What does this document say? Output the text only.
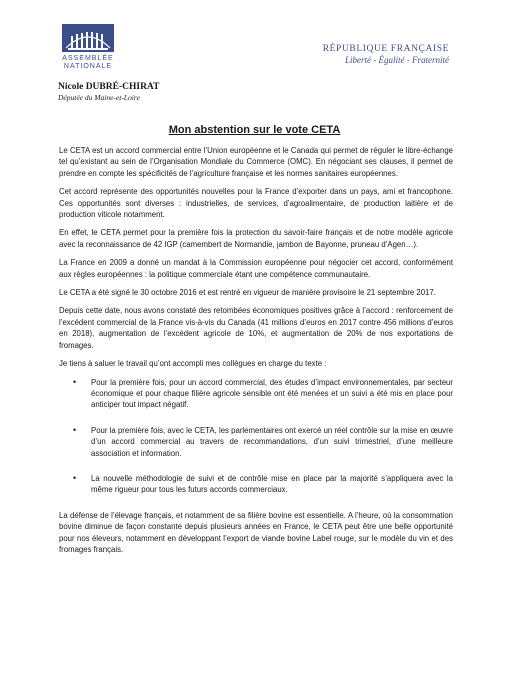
ASSEMBLÉE
NATIONALE
RÉPUBLIQUE FRANÇAISE
Liberté - Égalité - Fraternité
Nicole DUBRÉ-CHIRAT
Députée du Maine-et-Loire
Mon abstention sur le vote CETA

Le CETA est un accord commercial entre l’Union européenne et le Canada qui permet de réguler le libre-échange tel qu’existant au sein de l’Organisation Mondiale du Commerce (OMC). En négociant ses clauses, il permet de prendre en compte les spécificités de l’agriculture française et les normes sanitaires européennes.

Cet accord représente des opportunités nouvelles pour la France d’exporter dans un pays, ami et francophone. Ces opportunités sont diverses : industrielles, de services, d’agroalimentaire, de production laitière et de production viticole notamment.

En effet, le CETA permet pour la première fois la protection du savoir-faire français et de notre modèle agricole avec la reconnaissance de 42 IGP (camembert de Normandie, jambon de Bayonne, pruneau d’Agen…).

La France en 2009 a donné un mandat à la Commission européenne pour négocier cet accord, conformément aux règles européennes : la politique commerciale étant une compétence communautaire.

Le CETA a été signé le 30 octobre 2016 et est rentré en vigueur de manière provisoire le 21 septembre 2017.

Depuis cette date, nous avons constaté des retombées économiques positives grâce à l’accord : renforcement de l’excédent commercial de la France vis-à-vis du Canada (41 millions d’euros en 2017 contre 456 millions d’euros en 2018), augmentation de l’excédent agricole de 10%, et augmentation de 20% de nos exportations de fromages.

Je tiens à saluer le travail qu’ont accompli mes collègues en charge du texte :

• Pour la première fois, pour un accord commercial, des études d’impact environnementales, par secteur économique et pour chaque filière agricole sensible ont été menées et un suivi a été mis en place pour anticiper tout impact négatif.
• Pour la première fois, avec le CETA, les parlementaires ont exercé un réel contrôle sur la mise en œuvre d’un accord commercial au travers de recommandations, d’un suivi trimestriel, d’une meilleure association et information.
• La nouvelle méthodologie de suivi et de contrôle mise en place par la majorité s’appliquera avec la même rigueur pour tous les futurs accords commerciaux.

La défense de l’élevage français, et notamment de sa filière bovine est essentielle. A l’heure, où la consommation bovine diminue de façon constante depuis plusieurs années en France, le CETA peut être une belle opportunité pour nos éleveurs, notamment en développant l’export de viande bovine Label rouge, sur le modèle du vin et des fromages français.
